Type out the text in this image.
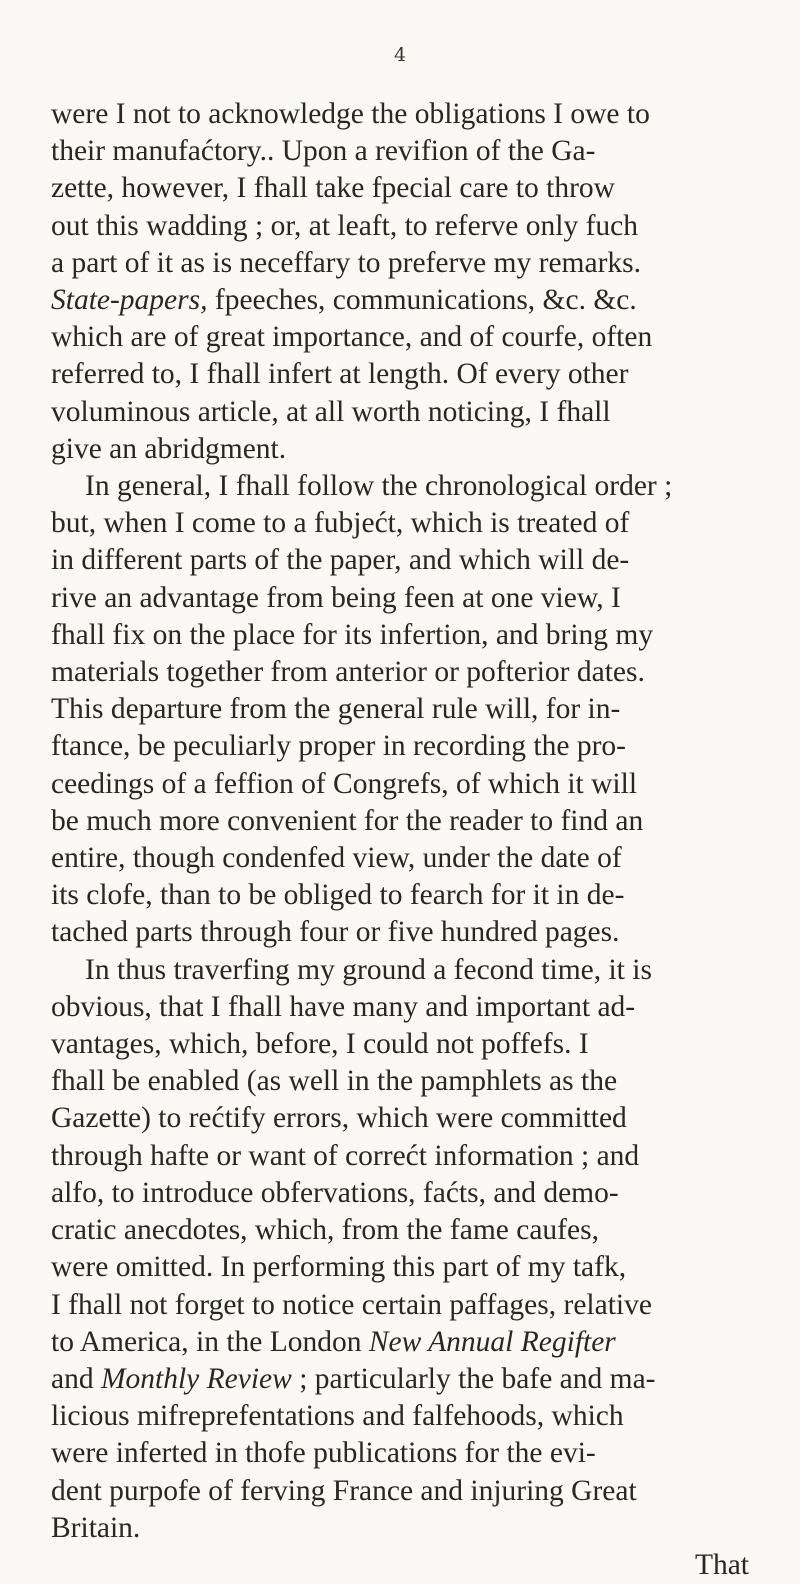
4
were I not to acknowledge the obligations I owe to
their manufaćtory.. Upon a revifion of the Ga-
zette, however, I fhall take fpecial care to throw
out this wadding ; or, at leaft, to referve only fuch
a part of it as is neceffary to preferve my remarks.
State-papers, fpeeches, communications, &c. &c.
which are of great importance, and of courfe, often
referred to, I fhall infert at length. Of every other
voluminous article, at all worth noticing, I fhall
give an abridgment.
In general, I fhall follow the chronological order ;
but, when I come to a fubjećt, which is treated of
in different parts of the paper, and which will de-
rive an advantage from being feen at one view, I
fhall fix on the place for its infertion, and bring my
materials together from anterior or pofterior dates.
This departure from the general rule will, for in-
ftance, be peculiarly proper in recording the pro-
ceedings of a feffion of Congrefs, of which it will
be much more convenient for the reader to find an
entire, though condenfed view, under the date of
its clofe, than to be obliged to fearch for it in de-
tached parts through four or five hundred pages.
In thus traverfing my ground a fecond time, it is
obvious, that I fhall have many and important ad-
vantages, which, before, I could not poffefs. I
fhall be enabled (as well in the pamphlets as the
Gazette) to rećtify errors, which were committed
through hafte or want of correćt information ; and
alfo, to introduce obfervations, faćts, and demo-
cratic anecdotes, which, from the fame caufes,
were omitted. In performing this part of my tafk,
I fhall not forget to notice certain paffages, relative
to America, in the London New Annual Regifter
and Monthly Review ; particularly the bafe and ma-
licious mifreprefentations and falfehoods, which
were inferted in thofe publications for the evi-
dent purpofe of ferving France and injuring Great
Britain.
That
